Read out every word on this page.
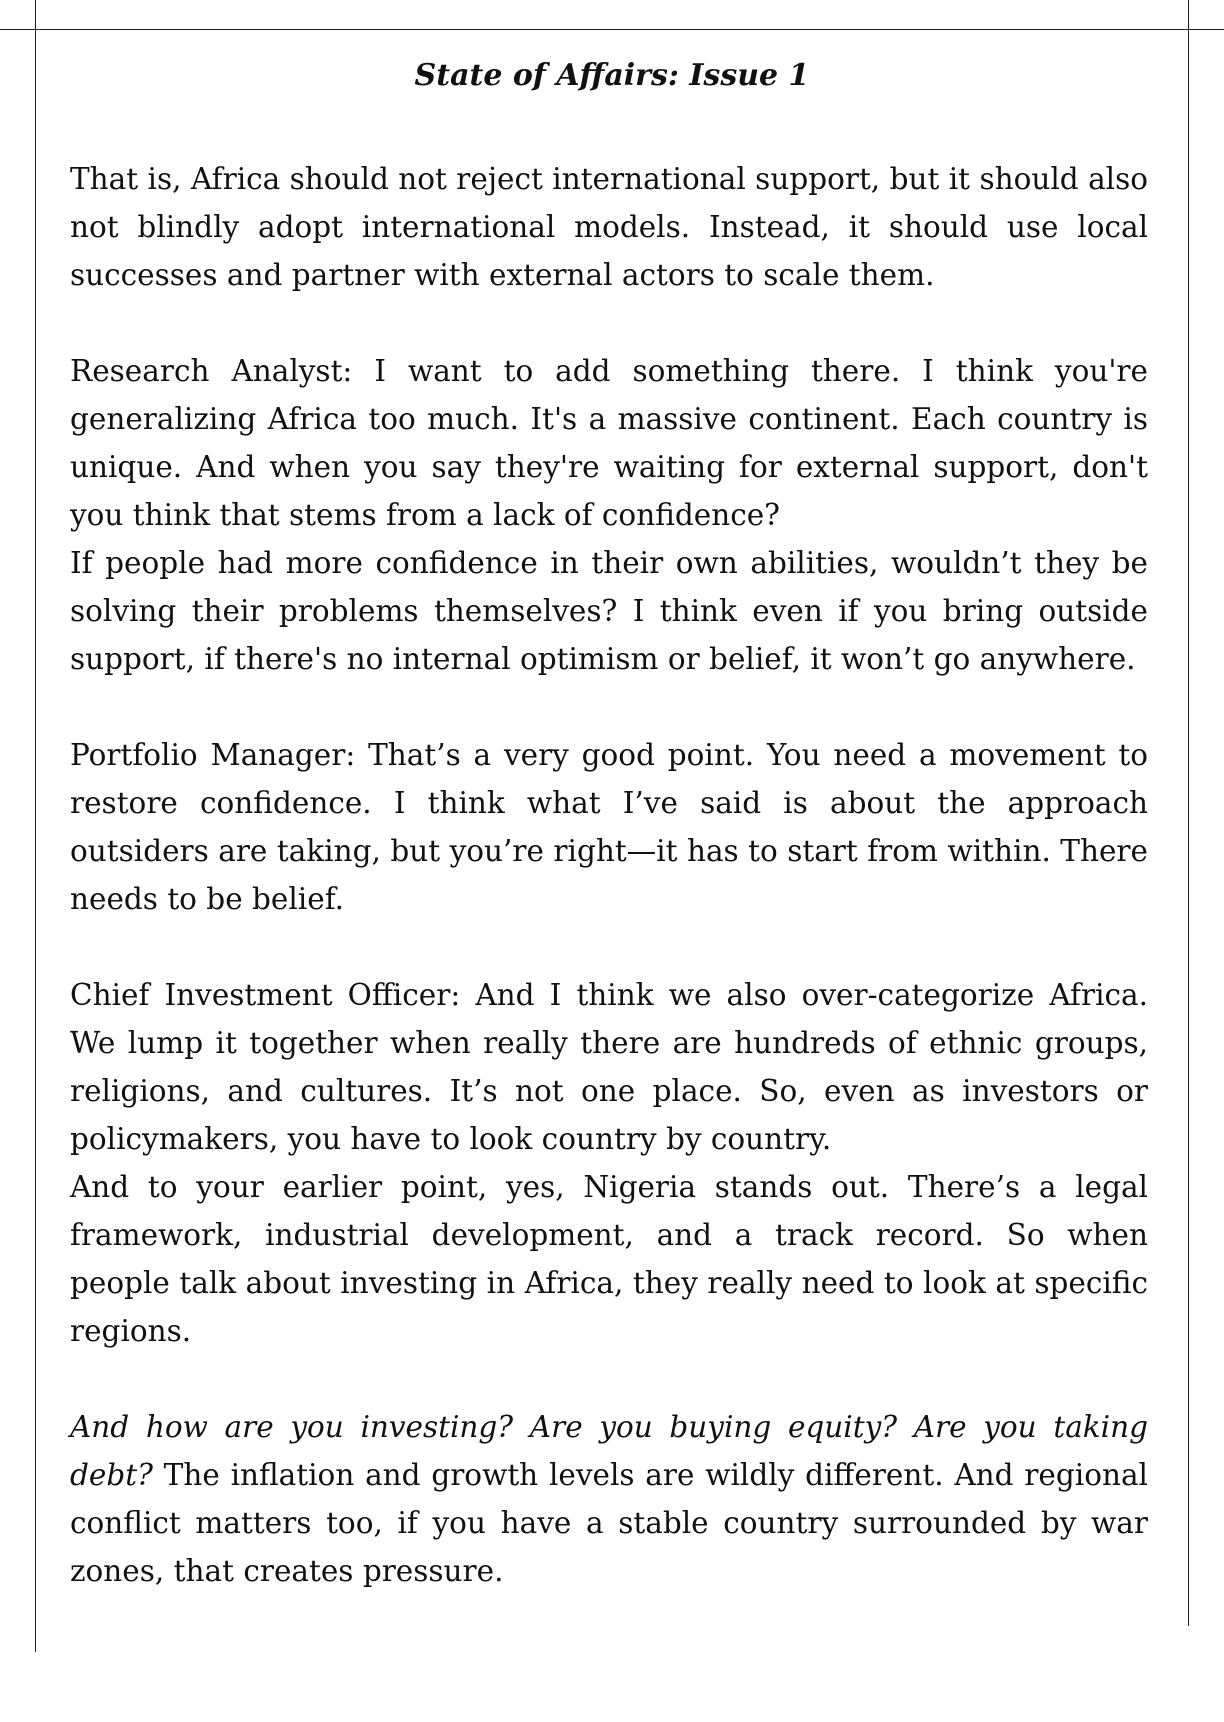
State of Affairs: Issue 1

That is, Africa should not reject international support, but it should also not blindly adopt international models. Instead, it should use local successes and partner with external actors to scale them.

Research Analyst: I want to add something there. I think you're generalizing Africa too much. It's a massive continent. Each country is unique. And when you say they're waiting for external support, don't you think that stems from a lack of confidence?

If people had more confidence in their own abilities, wouldn’t they be solving their problems themselves? I think even if you bring outside support, if there's no internal optimism or belief, it won’t go anywhere.

Portfolio Manager: That’s a very good point. You need a movement to restore confidence. I think what I’ve said is about the approach outsiders are taking, but you’re right—it has to start from within. There needs to be belief.

Chief Investment Officer: And I think we also over-categorize Africa. We lump it together when really there are hundreds of ethnic groups, religions, and cultures. It’s not one place. So, even as investors or policymakers, you have to look country by country.

And to your earlier point, yes, Nigeria stands out. There’s a legal framework, industrial development, and a track record. So when people talk about investing in Africa, they really need to look at specific regions.

And how are you investing? Are you buying equity? Are you taking debt? The inflation and growth levels are wildly different. And regional conflict matters too, if you have a stable country surrounded by war zones, that creates pressure.
